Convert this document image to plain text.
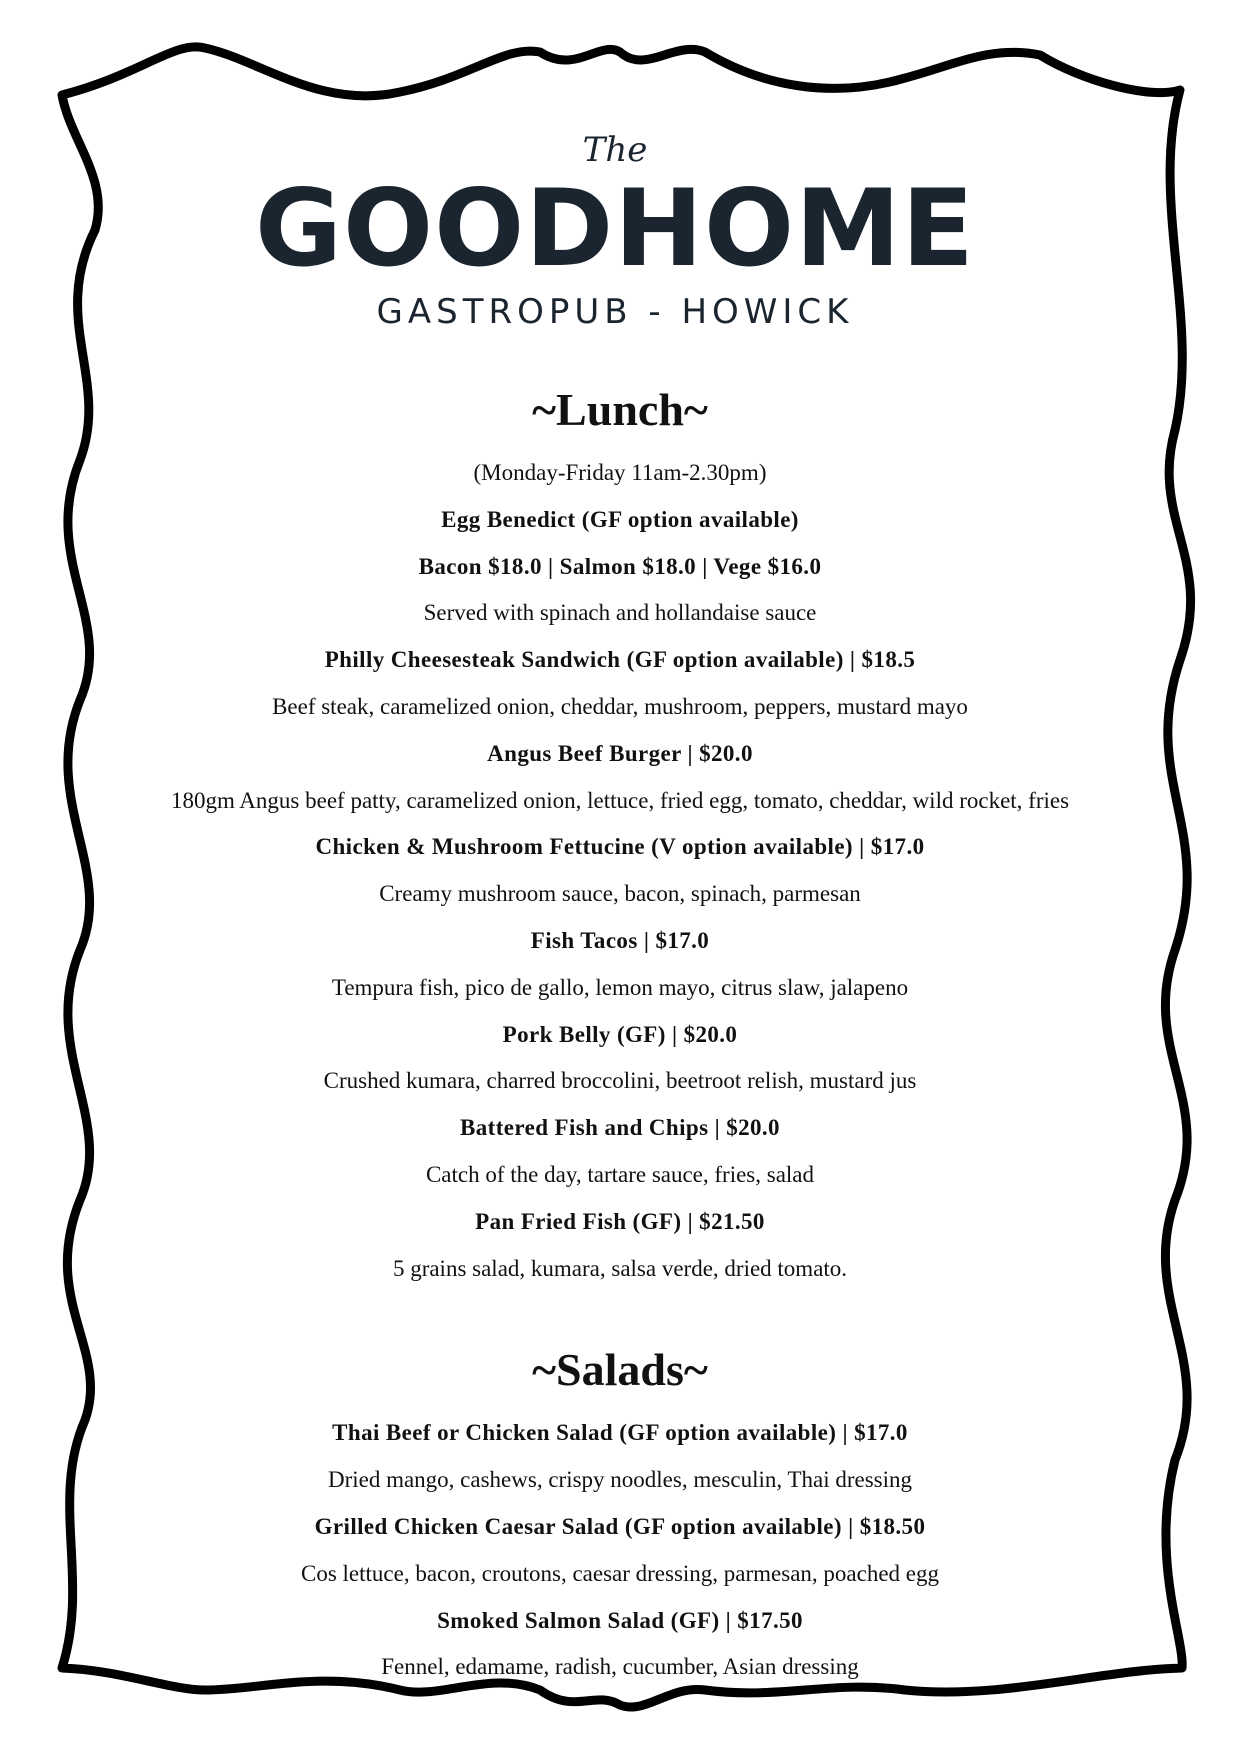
The
GOODHOME
GASTROPUB - HOWICK
~Lunch~

(Monday-Friday 11am-2.30pm)

Egg Benedict (GF option available)

Bacon $18.0 | Salmon $18.0 | Vege $16.0

Served with spinach and hollandaise sauce

Philly Cheesesteak Sandwich (GF option available) | $18.5

Beef steak, caramelized onion, cheddar, mushroom, peppers, mustard mayo

Angus Beef Burger | $20.0

180gm Angus beef patty, caramelized onion, lettuce, fried egg, tomato, cheddar, wild rocket, fries

Chicken & Mushroom Fettucine (V option available) | $17.0

Creamy mushroom sauce, bacon, spinach, parmesan

Fish Tacos | $17.0

Tempura fish, pico de gallo, lemon mayo, citrus slaw, jalapeno

Pork Belly (GF) | $20.0

Crushed kumara, charred broccolini, beetroot relish, mustard jus

Battered Fish and Chips | $20.0

Catch of the day, tartare sauce, fries, salad

Pan Fried Fish (GF) | $21.50

5 grains salad, kumara, salsa verde, dried tomato.

~Salads~

Thai Beef or Chicken Salad (GF option available) | $17.0

Dried mango, cashews, crispy noodles, mesculin, Thai dressing

Grilled Chicken Caesar Salad (GF option available) | $18.50

Cos lettuce, bacon, croutons, caesar dressing, parmesan, poached egg

Smoked Salmon Salad (GF) | $17.50

Fennel, edamame, radish, cucumber, Asian dressing
